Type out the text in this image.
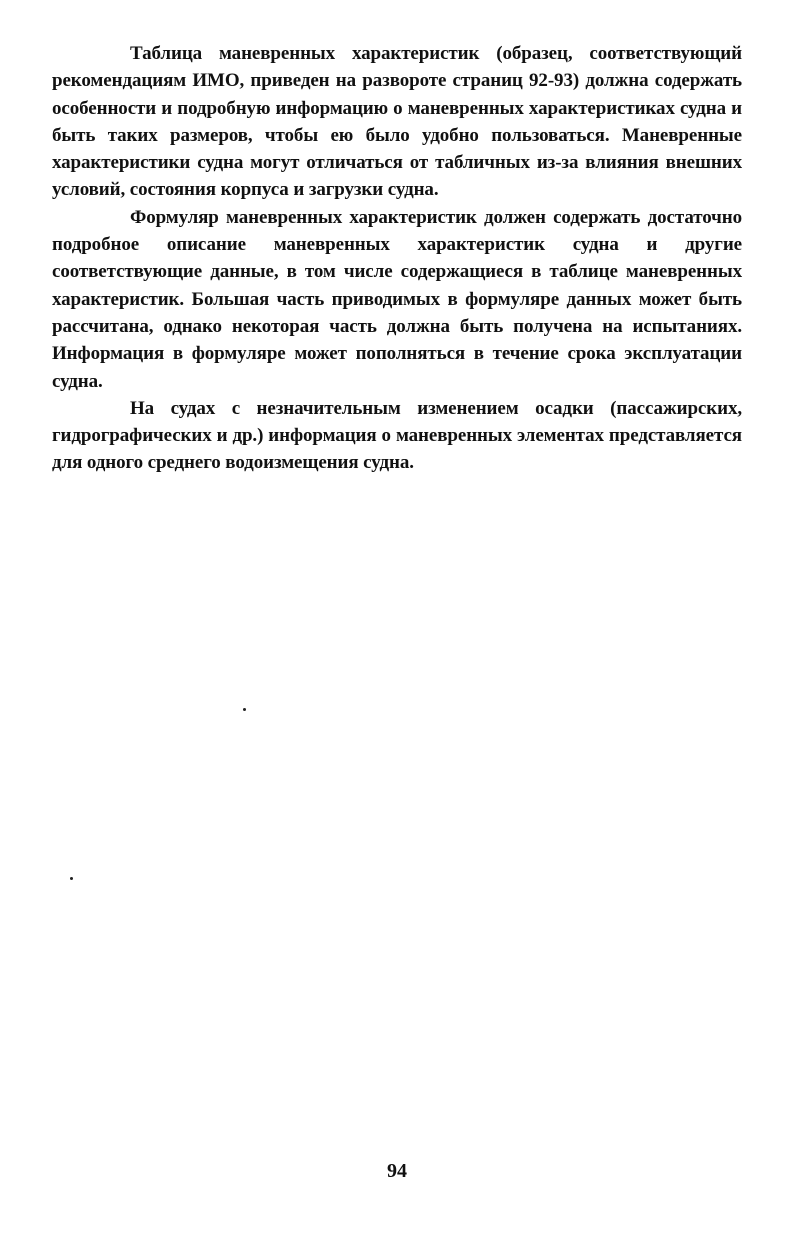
Таблица маневренных характеристик (образец, соответствующий рекомендациям ИМО, приведен на развороте страниц 92-93) должна содержать особенности и подробную информацию о маневренных характеристиках судна и быть таких размеров, чтобы ею было удобно пользоваться. Маневренные характеристики судна могут отличаться от табличных из-за влияния внешних условий, состояния корпуса и загрузки судна.

Формуляр маневренных характеристик должен содержать достаточно подробное описание маневренных характеристик судна и другие соответствующие данные, в том числе содержащиеся в таблице маневренных характеристик. Большая часть приводимых в формуляре данных может быть рассчитана, однако некоторая часть должна быть получена на испытаниях. Информация в формуляре может пополняться в течение срока эксплуатации судна.

На судах с незначительным изменением осадки (пассажирских, гидрографических и др.) информация о маневренных элементах представляется для одного среднего водоизмещения судна.

94
